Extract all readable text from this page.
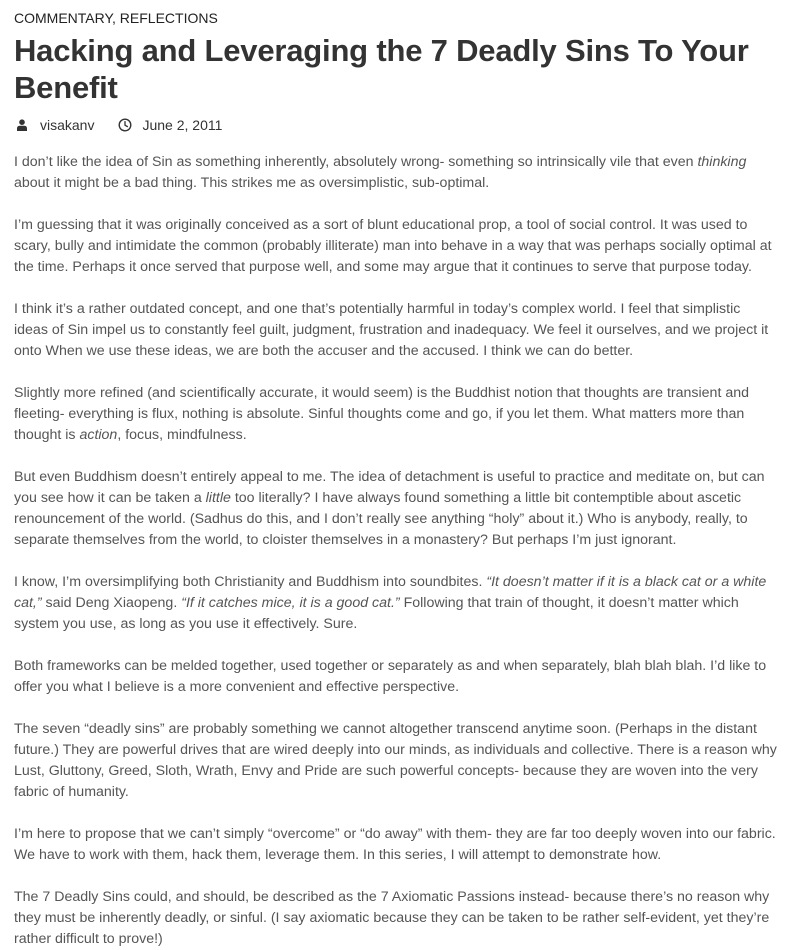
COMMENTARY, REFLECTIONS
Hacking and Leveraging the 7 Deadly Sins To Your Benefit
visakanv	June 2, 2011

I don’t like the idea of Sin as something inherently, absolutely wrong- something so intrinsically vile that even thinking about it might be a bad thing. This strikes me as oversimplistic, sub-optimal.

I’m guessing that it was originally conceived as a sort of blunt educational prop, a tool of social control. It was used to scary, bully and intimidate the common (probably illiterate) man into behave in a way that was perhaps socially optimal at the time. Perhaps it once served that purpose well, and some may argue that it continues to serve that purpose today.

I think it’s a rather outdated concept, and one that’s potentially harmful in today’s complex world. I feel that simplistic ideas of Sin impel us to constantly feel guilt, judgment, frustration and inadequacy. We feel it ourselves, and we project it onto When we use these ideas, we are both the accuser and the accused. I think we can do better.

Slightly more refined (and scientifically accurate, it would seem) is the Buddhist notion that thoughts are transient and fleeting- everything is flux, nothing is absolute. Sinful thoughts come and go, if you let them. What matters more than thought is action, focus, mindfulness.

But even Buddhism doesn’t entirely appeal to me. The idea of detachment is useful to practice and meditate on, but can you see how it can be taken a little too literally? I have always found something a little bit contemptible about ascetic renouncement of the world. (Sadhus do this, and I don’t really see anything “holy” about it.) Who is anybody, really, to separate themselves from the world, to cloister themselves in a monastery? But perhaps I’m just ignorant.

I know, I’m oversimplifying both Christianity and Buddhism into soundbites. “It doesn’t matter if it is a black cat or a white cat,” said Deng Xiaopeng. “If it catches mice, it is a good cat.” Following that train of thought, it doesn’t matter which system you use, as long as you use it effectively. Sure.

Both frameworks can be melded together, used together or separately as and when separately, blah blah blah. I’d like to offer you what I believe is a more convenient and effective perspective.

The seven “deadly sins” are probably something we cannot altogether transcend anytime soon. (Perhaps in the distant future.) They are powerful drives that are wired deeply into our minds, as individuals and collective. There is a reason why Lust, Gluttony, Greed, Sloth, Wrath, Envy and Pride are such powerful concepts- because they are woven into the very fabric of humanity.

I’m here to propose that we can’t simply “overcome” or “do away” with them- they are far too deeply woven into our fabric. We have to work with them, hack them, leverage them. In this series, I will attempt to demonstrate how.

The 7 Deadly Sins could, and should, be described as the 7 Axiomatic Passions instead- because there’s no reason why they must be inherently deadly, or sinful. (I say axiomatic because they can be taken to be rather self-evident, yet they’re rather difficult to prove!)
